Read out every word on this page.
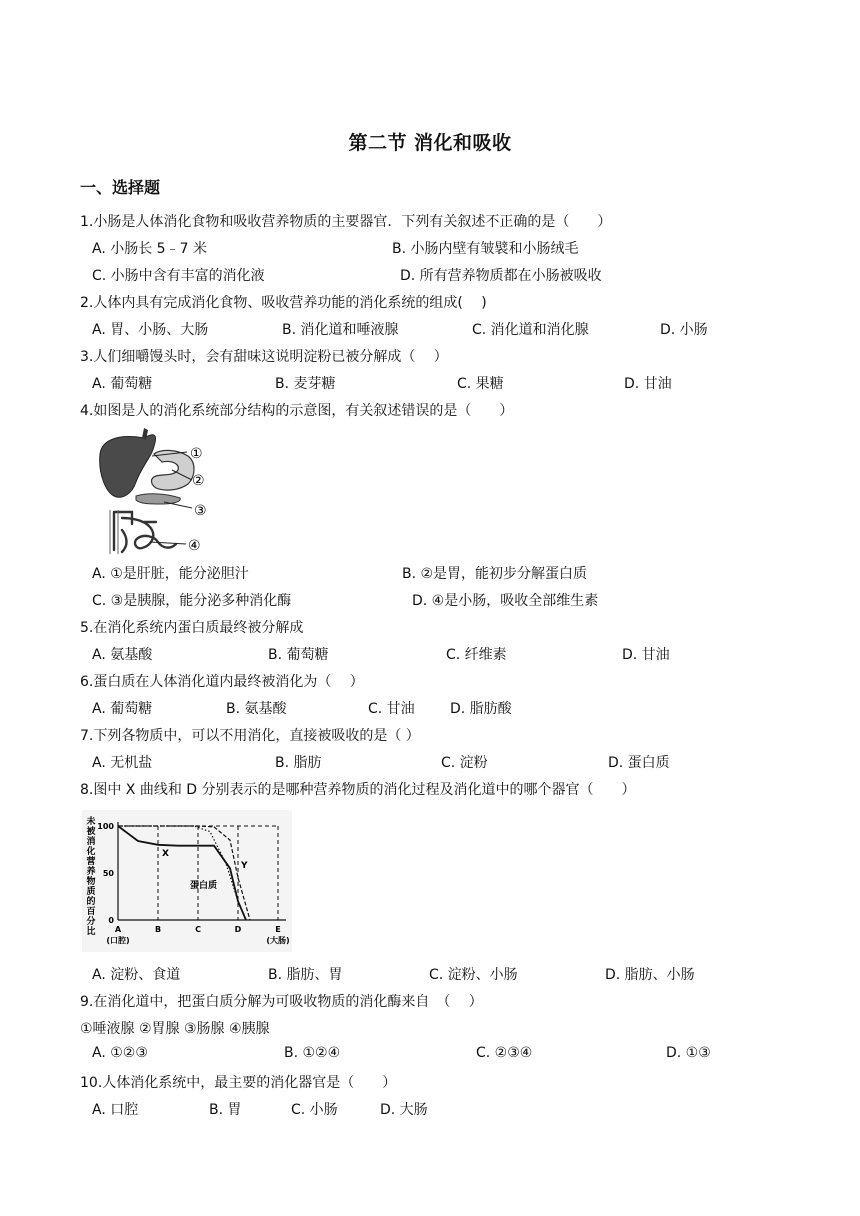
第二节 消化和吸收
一、选择题
1.小肠是人体消化食物和吸收营养物质的主要器官．下列有关叙述不正确的是（　　）
A. 小肠长 5﹣7 米	B. 小肠内壁有皱襞和小肠绒毛
C. 小肠中含有丰富的消化液	D. 所有营养物质都在小肠被吸收
2.人体内具有完成消化食物、吸收营养功能的消化系统的组成(　 )
A. 胃、小肠、大肠	B. 消化道和唾液腺	C. 消化道和消化腺	D. 小肠
3.人们细嚼馒头时，会有甜味这说明淀粉已被分解成（　 ）
A. 葡萄糖	B. 麦芽糖	C. 果糖	D. 甘油
4.如图是人的消化系统部分结构的示意图，有关叙述错误的是（　　）
①
②
③
④
A. ①是肝脏，能分泌胆汁	B. ②是胃，能初步分解蛋白质
C. ③是胰腺，能分泌多种消化酶	D. ④是小肠，吸收全部维生素
5.在消化系统内蛋白质最终被分解成
A. 氨基酸	B. 葡萄糖	C. 纤维素	D. 甘油
6.蛋白质在人体消化道内最终被消化为（　 ）
A. 葡萄糖	B. 氨基酸	C. 甘油	D. 脂肪酸
7.下列各物质中，可以不用消化，直接被吸收的是（ ）
A. 无机盐	B. 脂肪	C. 淀粉	D. 蛋白质
8.图中 X 曲线和 D 分别表示的是哪种营养物质的消化过程及消化道中的哪个器官（　　）
未
被
消
化
营
养
物
质
的
百
分
比 A
(口腔)
B	C	D	E
(大肠)
100
50
0
X
Y
蛋白质
A. 淀粉、食道	B. 脂肪、胃	C. 淀粉、小肠	D. 脂肪、小肠
9.在消化道中，把蛋白质分解为可吸收物质的消化酶来自　（　 ）
①唾液腺 ②胃腺 ③肠腺 ④胰腺
A. ①②③	B. ①②④	C. ②③④	D. ①③
10.人体消化系统中，最主要的消化器官是（　　）
A. 口腔	B. 胃	C. 小肠	D. 大肠
